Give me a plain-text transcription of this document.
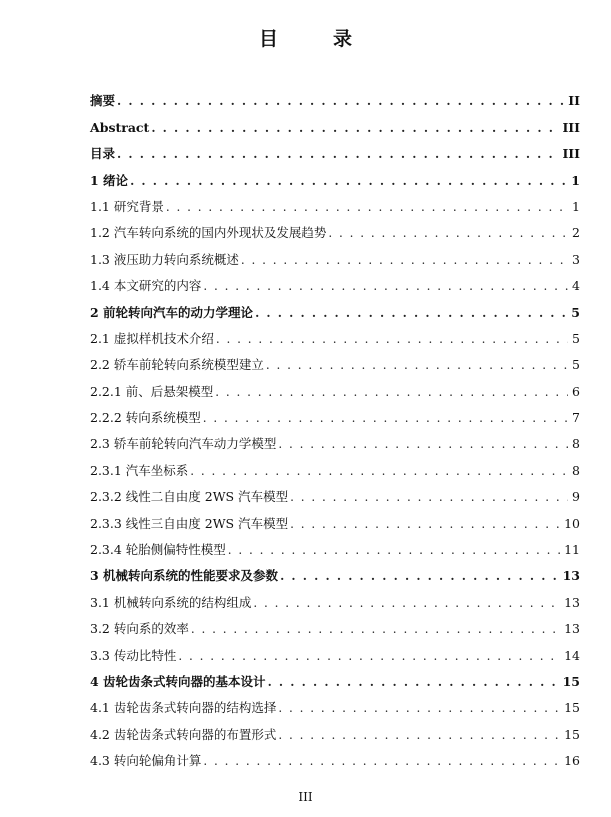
目　录
摘要 . . .	II
Abstract . . .	III
目录 . . .	III
1 绪论 . . .	1
1.1 研究背景 . . .	1
1.2 汽车转向系统的国内外现状及发展趋势 . . .	2
1.3 液压助力转向系统概述 . . .	3
1.4 本文研究的内容 . . .	4
2 前轮转向汽车的动力学理论 . . .	5
2.1 虚拟样机技术介绍 . . .	5
2.2 轿车前轮转向系统模型建立 . . .	5
2.2.1 前、后悬架模型 . . .	6
2.2.2 转向系统模型 . . .	7
2.3 轿车前轮转向汽车动力学模型 . . .	8
2.3.1 汽车坐标系 . . .	8
2.3.2 线性二自由度 2WS 汽车模型 . . .	9
2.3.3 线性三自由度 2WS 汽车模型 . . .	10
2.3.4 轮胎侧偏特性模型 . . .	11
3 机械转向系统的性能要求及参数 . . .	13
3.1 机械转向系统的结构组成 . . .	13
3.2 转向系的效率 . . .	13
3.3 传动比特性 . . .	14
4 齿轮齿条式转向器的基本设计 . . .	15
4.1 齿轮齿条式转向器的结构选择 . . .	15
4.2 齿轮齿条式转向器的布置形式 . . .	15
4.3 转向轮偏角计算 . . .	16
III
